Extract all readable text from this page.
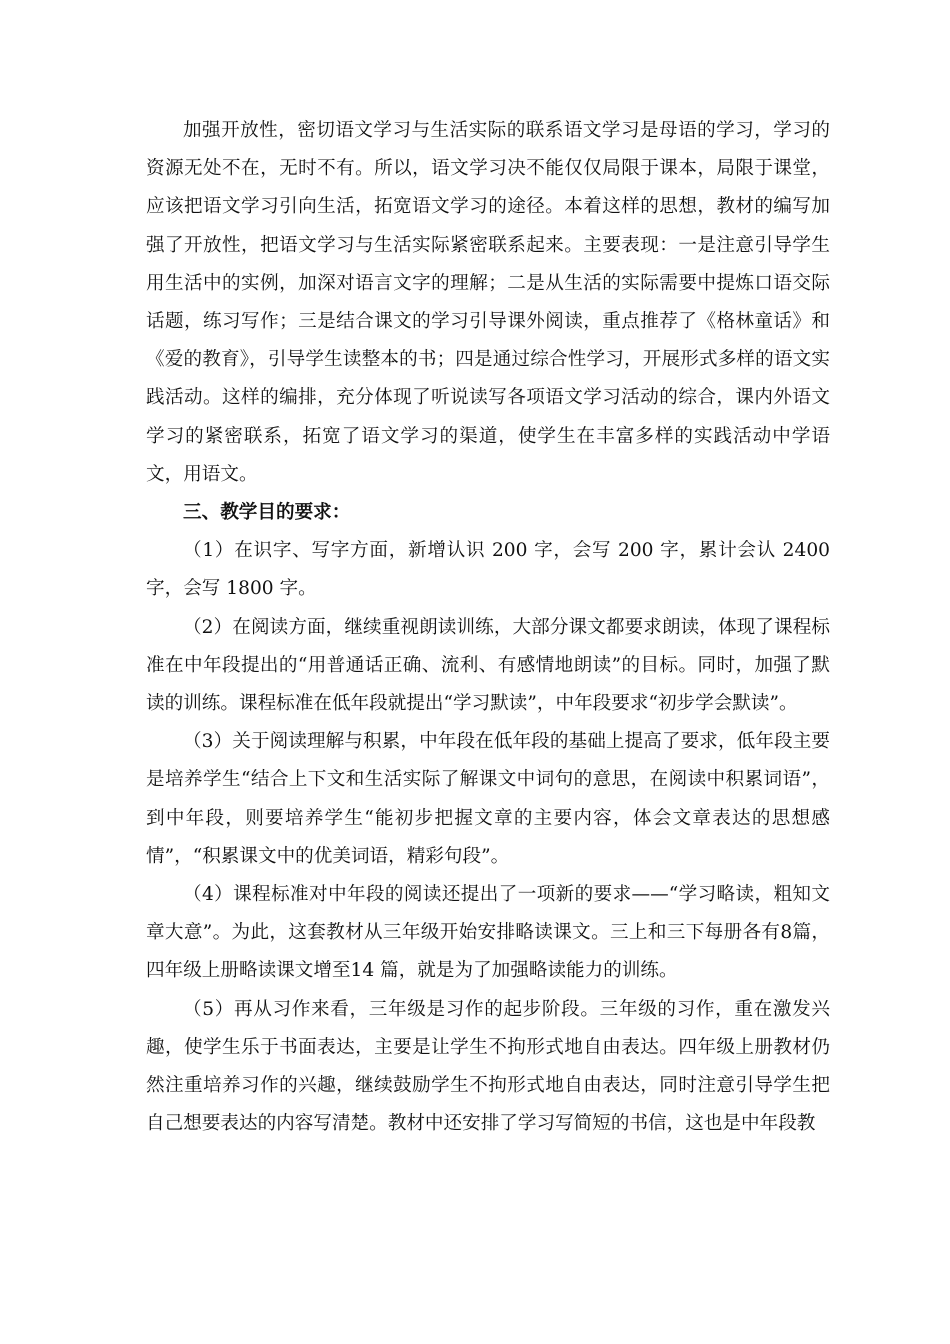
加强开放性，密切语文学习与生活实际的联系语文学习是母语的学习，学习的资源无处不在，无时不有。所以，语文学习决不能仅仅局限于课本，局限于课堂，应该把语文学习引向生活，拓宽语文学习的途径。本着这样的思想，教材的编写加强了开放性，把语文学习与生活实际紧密联系起来。主要表现：一是注意引导学生用生活中的实例，加深对语言文字的理解；二是从生活的实际需要中提炼口语交际话题，练习写作；三是结合课文的学习引导课外阅读，重点推荐了《格林童话》和《爱的教育》，引导学生读整本的书；四是通过综合性学习，开展形式多样的语文实践活动。这样的编排，充分体现了听说读写各项语文学习活动的综合，课内外语文学习的紧密联系，拓宽了语文学习的渠道，使学生在丰富多样的实践活动中学语文，用语文。

三、教学目的要求：

（1）在识字、写字方面，新增认识 200 字，会写 200 字，累计会认 2400 字，会写 1800 字。

（2）在阅读方面，继续重视朗读训练，大部分课文都要求朗读，体现了课程标准在中年段提出的“用普通话正确、流利、有感情地朗读”的目标。同时，加强了默读的训练。课程标准在低年段就提出“学习默读”，中年段要求“初步学会默读”。

（3）关于阅读理解与积累，中年段在低年段的基础上提高了要求，低年段主要是培养学生“结合上下文和生活实际了解课文中词句的意思，在阅读中积累词语”，到中年段，则要培养学生“能初步把握文章的主要内容，体会文章表达的思想感情”，“积累课文中的优美词语，精彩句段”。

（4）课程标准对中年段的阅读还提出了一项新的要求——“学习略读，粗知文章大意”。为此，这套教材从三年级开始安排略读课文。三上和三下每册各有8篇，四年级上册略读课文增至14 篇，就是为了加强略读能力的训练。

（5）再从习作来看，三年级是习作的起步阶段。三年级的习作，重在激发兴趣，使学生乐于书面表达，主要是让学生不拘形式地自由表达。四年级上册教材仍然注重培养习作的兴趣，继续鼓励学生不拘形式地自由表达，同时注意引导学生把自己想要表达的内容写清楚。教材中还安排了学习写简短的书信，这也是中年段教
